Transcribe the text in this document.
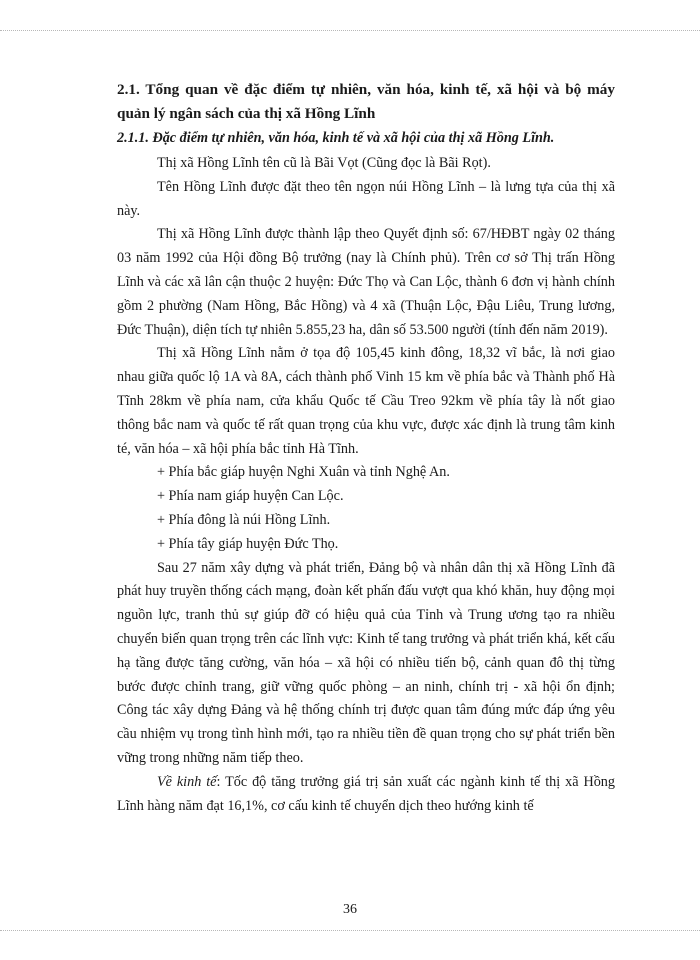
2.1. Tổng quan về đặc điểm tự nhiên, văn hóa, kinh tế, xã hội và bộ máy quản lý ngân sách của thị xã Hồng Lĩnh

2.1.1. Đặc điểm tự nhiên, văn hóa, kinh tế và xã hội của thị xã Hồng Lĩnh.

Thị xã Hồng Lĩnh tên cũ là Bãi Vọt (Cũng đọc là Bãi Rọt).

Tên Hồng Lĩnh được đặt theo tên ngọn núi Hồng Lĩnh – là lưng tựa của thị xã này.

Thị xã Hồng Lĩnh được thành lập theo Quyết định số: 67/HĐBT ngày 02 tháng 03 năm 1992 của Hội đồng Bộ trưởng (nay là Chính phủ). Trên cơ sở Thị trấn Hồng Lĩnh và các xã lân cận thuộc 2 huyện: Đức Thọ và Can Lộc, thành 6 đơn vị hành chính gồm 2 phường (Nam Hồng, Bắc Hồng) và 4 xã (Thuận Lộc, Đậu Liêu, Trung lương, Đức Thuận), diện tích tự nhiên 5.855,23 ha, dân số 53.500 người (tính đến năm 2019).

Thị xã Hồng Lĩnh nằm ở tọa độ 105,45 kinh đông, 18,32 vĩ bắc, là nơi giao nhau giữa quốc lộ 1A và 8A, cách thành phố Vinh 15 km về phía bắc và Thành phố Hà Tĩnh 28km về phía nam, cửa khẩu Quốc tế Cầu Treo 92km về phía tây là nốt giao thông bắc nam và quốc tế rất quan trọng của khu vực, được xác định là trung tâm kinh té, văn hóa – xã hội phía bắc tỉnh Hà Tĩnh.

+ Phía bắc giáp huyện Nghi Xuân và tỉnh Nghệ An.

+ Phía nam giáp huyện Can Lộc.

+ Phía đông là núi Hồng Lĩnh.

+ Phía tây giáp huyện Đức Thọ.

Sau 27 năm xây dựng và phát triển, Đảng bộ và nhân dân thị xã Hồng Lĩnh đã phát huy truyền thống cách mạng, đoàn kết phấn đấu vượt qua khó khăn, huy động mọi nguồn lực, tranh thủ sự giúp đỡ có hiệu quả của Tỉnh và Trung ương tạo ra nhiều chuyển biến quan trọng trên các lĩnh vực: Kinh tế tang trưởng và phát triển khá, kết cấu hạ tầng được tăng cường, văn hóa – xã hội có nhiều tiến bộ, cảnh quan đô thị từng bước được chỉnh trang, giữ vững quốc phòng – an ninh, chính trị - xã hội ổn định; Công tác xây dựng Đảng và hệ thống chính trị được quan tâm đúng mức đáp ứng yêu cầu nhiệm vụ trong tình hình mới, tạo ra nhiều tiền đề quan trọng cho sự phát triển bền vững trong những năm tiếp theo.

Về kinh tế: Tốc độ tăng trưởng giá trị sản xuất các ngành kinh tế thị xã Hồng Lĩnh hàng năm đạt 16,1%, cơ cấu kinh tế chuyển dịch theo hướng kinh tế

36
